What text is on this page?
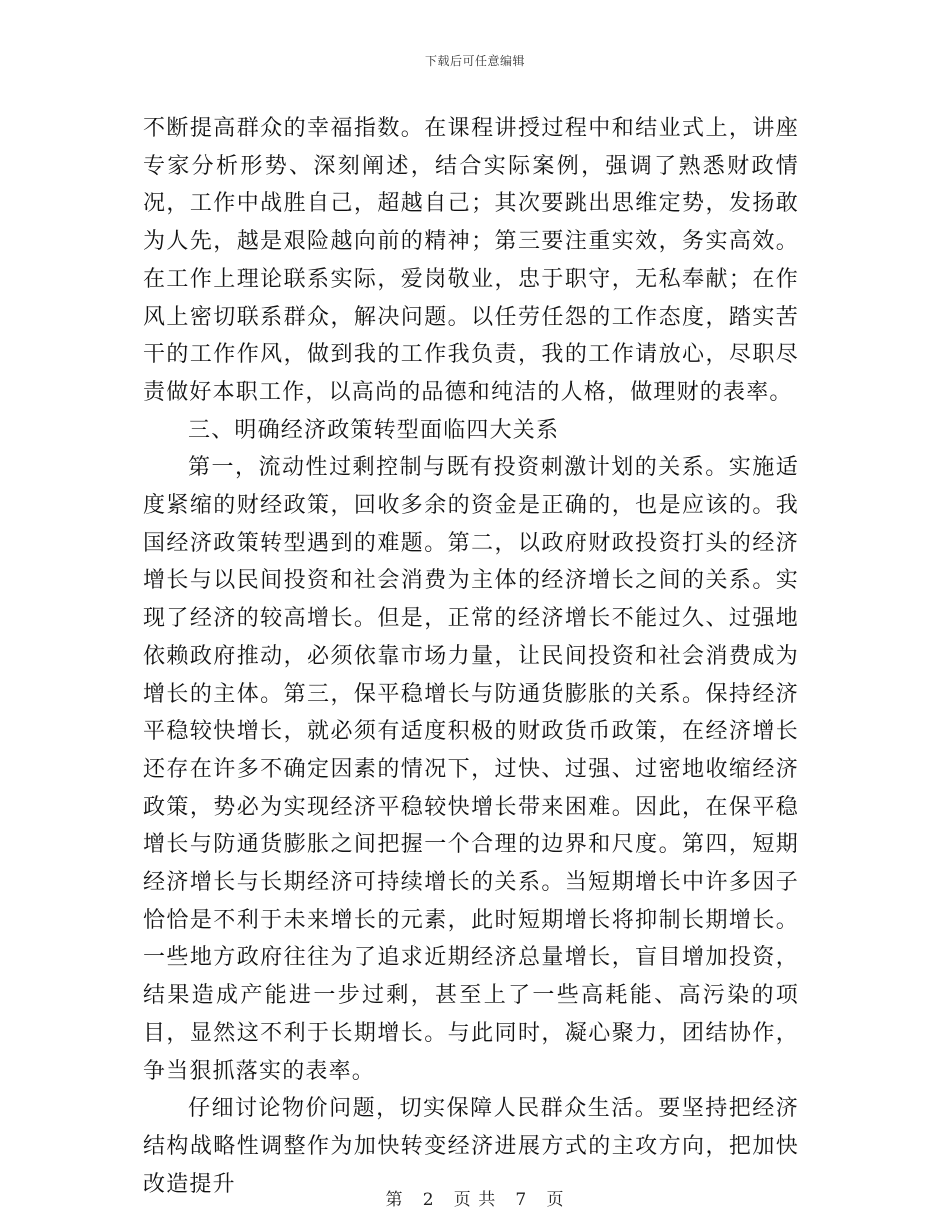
下载后可任意编辑

不断提高群众的幸福指数。在课程讲授过程中和结业式上，讲座专家分析形势、深刻阐述，结合实际案例，强调了熟悉财政情况，工作中战胜自己，超越自己；其次要跳出思维定势，发扬敢为人先，越是艰险越向前的精神；第三要注重实效，务实高效。在工作上理论联系实际，爱岗敬业，忠于职守，无私奉献；在作风上密切联系群众，解决问题。以任劳任怨的工作态度，踏实苦干的工作作风，做到我的工作我负责，我的工作请放心，尽职尽责做好本职工作，以高尚的品德和纯洁的人格，做理财的表率。

三、明确经济政策转型面临四大关系

第一，流动性过剩控制与既有投资刺激计划的关系。实施适度紧缩的财经政策，回收多余的资金是正确的，也是应该的。我国经济政策转型遇到的难题。第二，以政府财政投资打头的经济增长与以民间投资和社会消费为主体的经济增长之间的关系。实现了经济的较高增长。但是，正常的经济增长不能过久、过强地依赖政府推动，必须依靠市场力量，让民间投资和社会消费成为增长的主体。第三，保平稳增长与防通货膨胀的关系。保持经济平稳较快增长，就必须有适度积极的财政货币政策，在经济增长还存在许多不确定因素的情况下，过快、过强、过密地收缩经济政策，势必为实现经济平稳较快增长带来困难。因此，在保平稳增长与防通货膨胀之间把握一个合理的边界和尺度。第四，短期经济增长与长期经济可持续增长的关系。当短期增长中许多因子恰恰是不利于未来增长的元素，此时短期增长将抑制长期增长。一些地方政府往往为了追求近期经济总量增长，盲目增加投资，结果造成产能进一步过剩，甚至上了一些高耗能、高污染的项目，显然这不利于长期增长。与此同时，凝心聚力，团结协作，争当狠抓落实的表率。

仔细讨论物价问题，切实保障人民群众生活。要坚持把经济结构战略性调整作为加快转变经济进展方式的主攻方向，把加快改造提升

第 2 页 共 7 页
